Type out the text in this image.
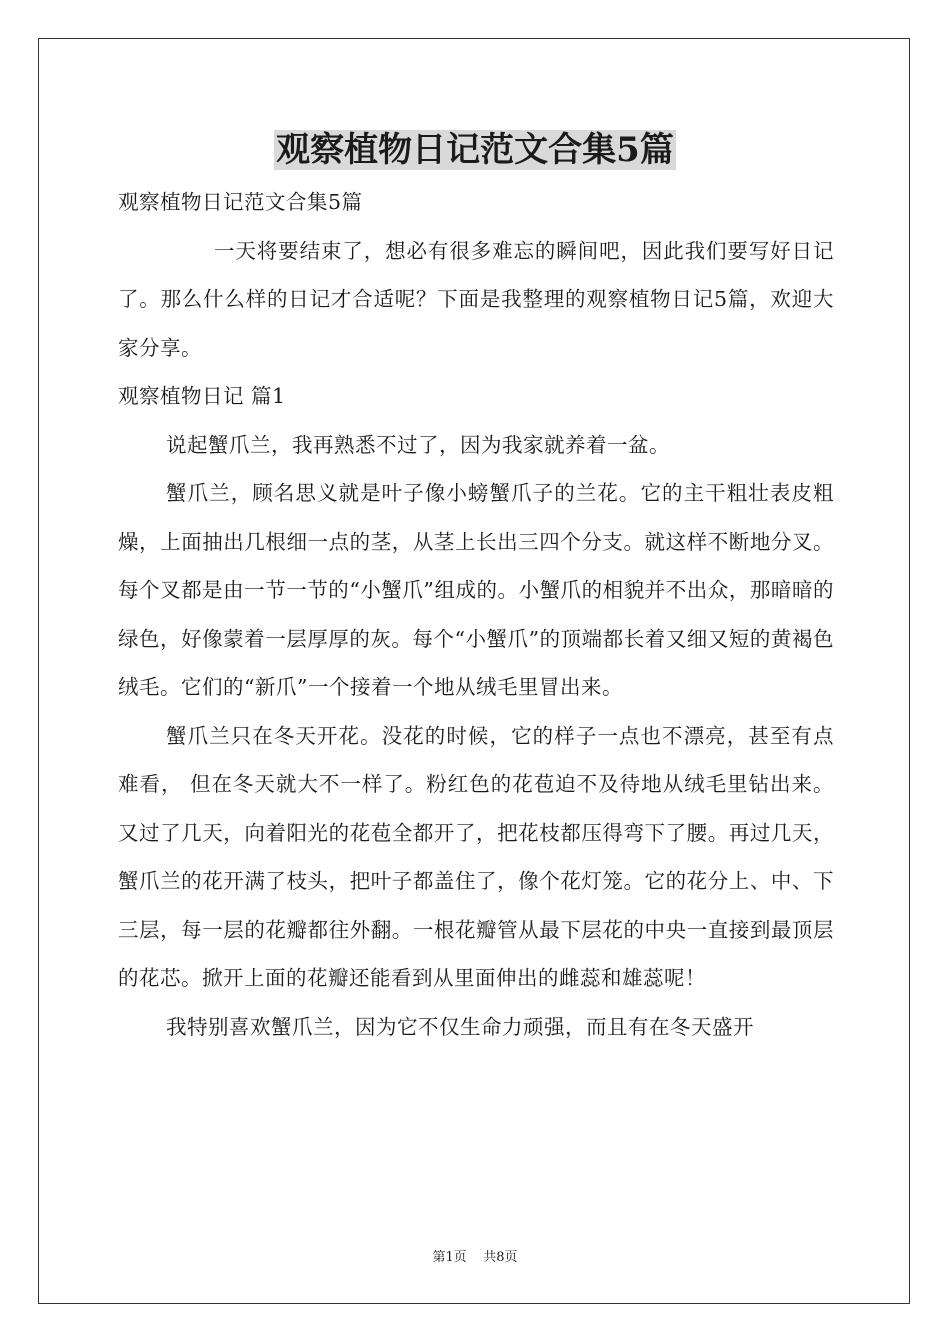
观察植物日记范文合集5篇

观察植物日记范文合集5篇

一天将要结束了，想必有很多难忘的瞬间吧，因此我们要写好日记了。那么什么样的日记才合适呢？下面是我整理的观察植物日记5篇，欢迎大家分享。

观察植物日记 篇1

说起蟹爪兰，我再熟悉不过了，因为我家就养着一盆。

蟹爪兰，顾名思义就是叶子像小螃蟹爪子的兰花。它的主干粗壮表皮粗燥，上面抽出几根细一点的茎，从茎上长出三四个分支。就这样不断地分叉。每个叉都是由一节一节的“小蟹爪”组成的。小蟹爪的相貌并不出众，那暗暗的绿色，好像蒙着一层厚厚的灰。每个“小蟹爪”的顶端都长着又细又短的黄褐色绒毛。它们的“新爪”一个接着一个地从绒毛里冒出来。

蟹爪兰只在冬天开花。没花的时候，它的样子一点也不漂亮，甚至有点难看， 但在冬天就大不一样了。粉红色的花苞迫不及待地从绒毛里钻出来。又过了几天，向着阳光的花苞全都开了，把花枝都压得弯下了腰。再过几天，蟹爪兰的花开满了枝头，把叶子都盖住了，像个花灯笼。它的花分上、中、下三层，每一层的花瓣都往外翻。一根花瓣管从最下层花的中央一直接到最顶层的花芯。掀开上面的花瓣还能看到从里面伸出的雌蕊和雄蕊呢！

我特别喜欢蟹爪兰，因为它不仅生命力顽强，而且有在冬天盛开

第1页    共8页
